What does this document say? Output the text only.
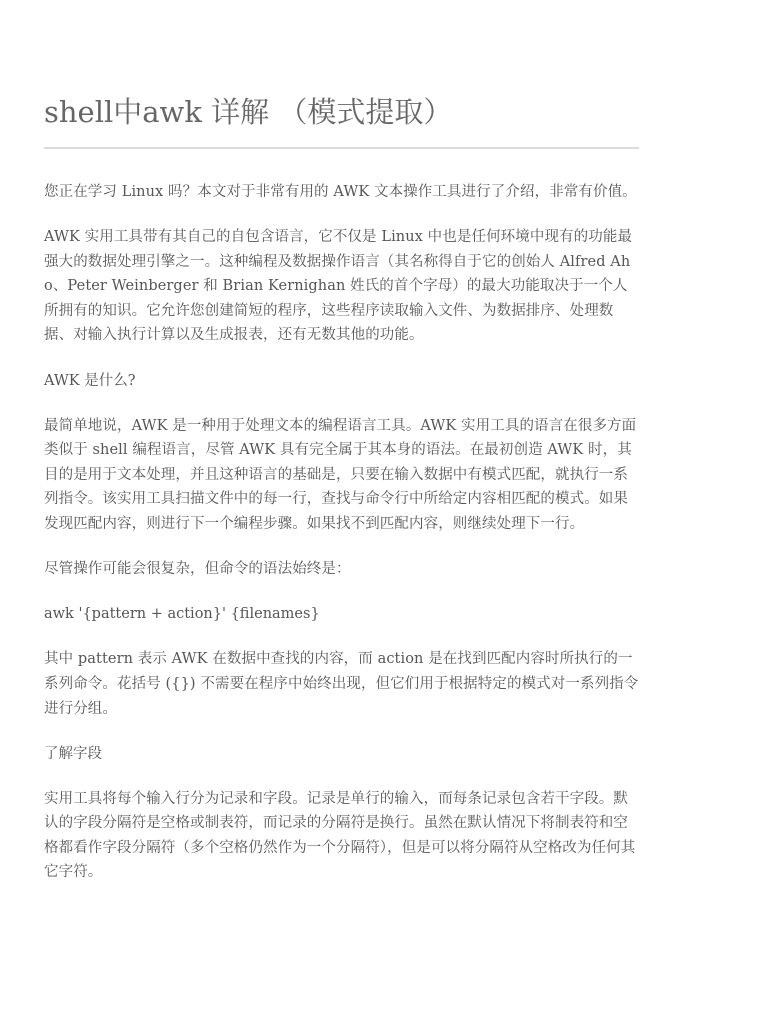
shell中awk 详解 （模式提取）

您正在学习 Linux 吗？本文对于非常有用的 AWK 文本操作工具进行了介绍，非常有价值。

AWK 实用工具带有其自己的自包含语言，它不仅是 Linux 中也是任何环境中现有的功能最强大的数据处理引擎之一。这种编程及数据操作语言（其名称得自于它的创始人 Alfred Aho、Peter Weinberger 和 Brian Kernighan 姓氏的首个字母）的最大功能取决于一个人所拥有的知识。它允许您创建简短的程序，这些程序读取输入文件、为数据排序、处理数据、对输入执行计算以及生成报表，还有无数其他的功能。

AWK 是什么?

最简单地说，AWK 是一种用于处理文本的编程语言工具。AWK 实用工具的语言在很多方面类似于 shell 编程语言，尽管 AWK 具有完全属于其本身的语法。在最初创造 AWK 时，其目的是用于文本处理，并且这种语言的基础是，只要在输入数据中有模式匹配，就执行一系列指令。该实用工具扫描文件中的每一行，查找与命令行中所给定内容相匹配的模式。如果发现匹配内容，则进行下一个编程步骤。如果找不到匹配内容，则继续处理下一行。

尽管操作可能会很复杂，但命令的语法始终是：

awk '{pattern + action}' {filenames}

其中 pattern 表示 AWK 在数据中查找的内容，而 action 是在找到匹配内容时所执行的一系列命令。花括号 ({}) 不需要在程序中始终出现，但它们用于根据特定的模式对一系列指令进行分组。

了解字段

实用工具将每个输入行分为记录和字段。记录是单行的输入，而每条记录包含若干字段。默认的字段分隔符是空格或制表符，而记录的分隔符是换行。虽然在默认情况下将制表符和空格都看作字段分隔符（多个空格仍然作为一个分隔符），但是可以将分隔符从空格改为任何其它字符。
